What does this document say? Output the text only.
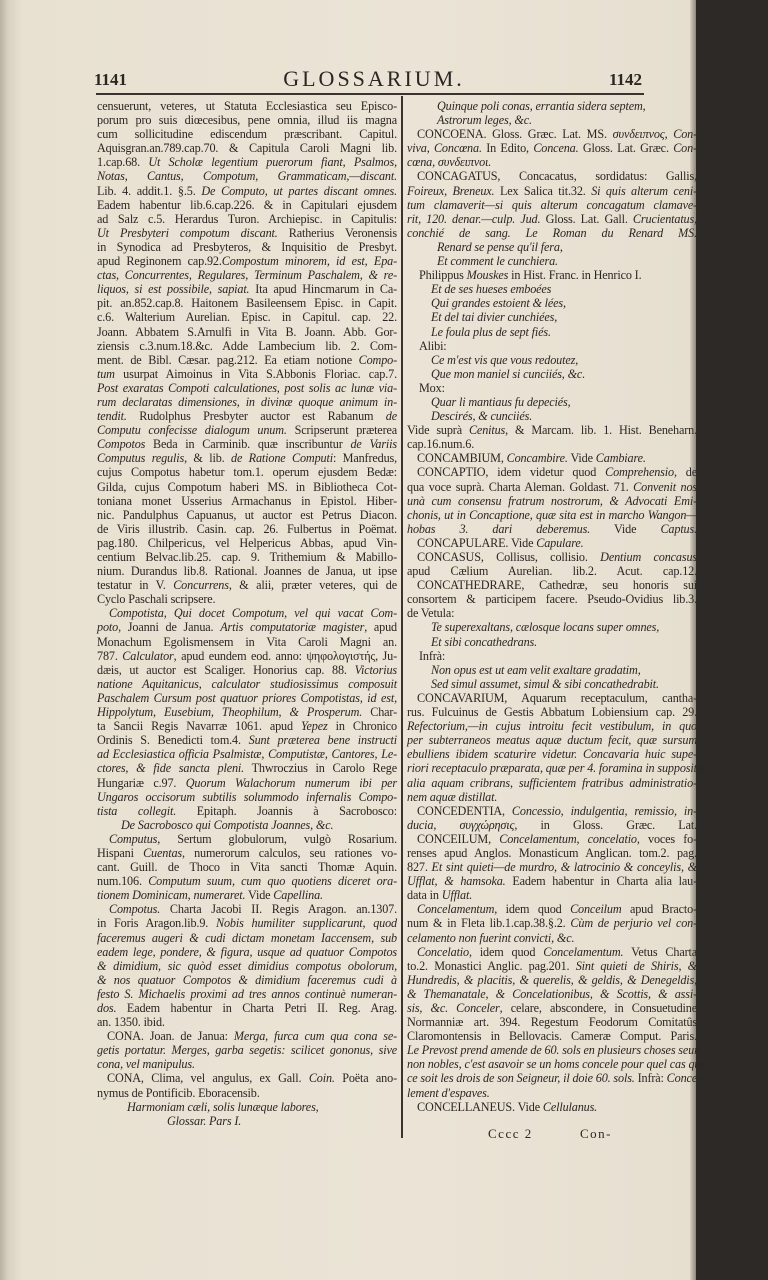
1141	GLOSSARIUM.	1142
censuerunt, veteres, ut Statuta Ecclesiastica seu Episco-
porum pro suis diœcesibus, pene omnia, illud iis magna
cum sollicitudine ediscendum præscribant. Capitul.
Aquisgran.an.789.cap.70. & Capitula Caroli Magni lib.
1.cap.68. Ut Scholæ legentium puerorum fiant, Psalmos,
Notas, Cantus, Compotum, Grammaticam,—discant.
Lib. 4. addit.1. §.5. De Computo, ut partes discant omnes.
Eadem habentur lib.6.cap.226. & in Capitulari ejusdem
ad Salz c.5. Herardus Turon. Archiepisc. in Capitulis:
Ut Presbyteri compotum discant. Ratherius Veronensis
in Synodica ad Presbyteros, & Inquisitio de Presbyt.
apud Reginonem cap.92.Compostum minorem, id est, Epa-
ctas, Concurrentes, Regulares, Terminum Paschalem, & re-
liquos, si est possibile, sapiat. Ita apud Hincmarum in Ca-
pit. an.852.cap.8. Haitonem Basileensem Episc. in Capit.
c.6. Walterium Aurelian. Episc. in Capitul. cap. 22.
Joann. Abbatem S.Arnulfi in Vita B. Joann. Abb. Gor-
ziensis c.3.num.18.&c. Adde Lambecium lib. 2. Com-
ment. de Bibl. Cæsar. pag.212. Ea etiam notione Compo-
tum usurpat Aimoinus in Vita S.Abbonis Floriac. cap.7.
Post exaratas Compoti calculationes, post solis ac lunæ via-
rum declaratas dimensiones, in divinæ quoque animum in-
tendit. Rudolphus Presbyter auctor est Rabanum de
Computu confecisse dialogum unum. Scripserunt præterea
Compotos Beda in Carminib. quæ inscribuntur de Variis
Computus regulis, & lib. de Ratione Computi: Manfredus,
cujus Compotus habetur tom.1. operum ejusdem Bedæ:
Gilda, cujus Compotum haberi MS. in Bibliotheca Cot-
toniana monet Usserius Armachanus in Epistol. Hiber-
nic. Pandulphus Capuanus, ut auctor est Petrus Diacon.
de Viris illustrib. Casin. cap. 26. Fulbertus in Poëmat.
pag.180. Chilpericus, vel Helpericus Abbas, apud Vin-
centium Belvac.lib.25. cap. 9. Trithemium & Mabillo-
nium. Durandus lib.8. Rational. Joannes de Janua, ut ipse
testatur in V. Concurrens, & alii, præter veteres, qui de
Cyclo Paschali scripsere.
Compotista, Qui docet Compotum, vel qui vacat Com-
poto, Joanni de Janua. Artis computatoriæ magister, apud
Monachum Egolismensem in Vita Caroli Magni an.
787. Calculator, apud eundem eod. anno: ψηφολογιστής, Ju-
dæis, ut auctor est Scaliger. Honorius cap. 88. Victorius
natione Aquitanicus, calculator studiosissimus composuit
Paschalem Cursum post quatuor priores Compotistas, id est,
Hippolytum, Eusebium, Theophilum, & Prosperum. Char-
ta Sancii Regis Navarræ 1061. apud Yepez in Chronico
Ordinis S. Benedicti tom.4. Sunt præterea bene instructi
ad Ecclesiastica officia Psalmistæ, Computistæ, Cantores, Le-
ctores, & fide sancta pleni. Thwroczius in Carolo Rege
Hungariæ c.97. Quorum Walachorum numerum ibi per
Ungaros occisorum subtilis solummodo infernalis Compo-
tista collegit. Epitaph. Joannis à Sacrobosco:
De Sacrobosco qui Compotista Joannes, &c.
Computus, Sertum globulorum, vulgò Rosarium.
Hispani Cuentas, numerorum calculos, seu rationes vo-
cant. Guill. de Thoco in Vita sancti Thomæ Aquin.
num.106. Computum suum, cum quo quotiens diceret ora-
tionem Dominicam, numeraret. Vide Capellina.
Compotus. Charta Jacobi II. Regis Aragon. an.1307.
in Foris Aragon.lib.9. Nobis humiliter supplicarunt, quod
faceremus augeri & cudi dictam monetam Iaccensem, sub
eadem lege, pondere, & figura, usque ad quatuor Compotos
& dimidium, sic quòd esset dimidius compotus obolorum,
& nos quatuor Compotos & dimidium faceremus cudi à
festo S. Michaelis proximi ad tres annos continuè numeran-
dos. Eadem habentur in Charta Petri II. Reg. Arag.
an. 1350. ibid.
CONA. Joan. de Janua: Merga, furca cum qua cona se-
getis portatur. Merges, garba segetis: scilicet gononus, sive
cona, vel manipulus.
CONA, Clima, vel angulus, ex Gall. Coin. Poëta ano-
nymus de Pontificib. Eboracensib.
Harmoniam cæli, solis lunæque labores,
Glossar. Pars I.
Quinque poli conas, errantia sidera septem,
Astrorum leges, &c.
CONCOENA. Gloss. Græc. Lat. MS. συνδειπνος, Con-
viva, Concœna. In Edito, Concena. Gloss. Lat. Græc. Con-
cœna, συνδειπνοι.
CONCAGATUS, Concacatus, sordidatus: Gallis,
Foireux, Breneux. Lex Salica tit.32. Si quis alterum ceni-
tum clamaverit—si quis alterum concagatum clamave-
rit, 120. denar.—culp. Jud. Gloss. Lat. Gall. Crucientatus,
conchié de sang. Le Roman du Renard MS.
Renard se pense qu'il fera,
Et comment le cunchiera.
Philippus Mouskes in Hist. Franc. in Henrico I.
Et de ses hueses emboées
Qui grandes estoient & lées,
Et del tai divier cunchiées,
Le foula plus de sept fiés.
Alibi:
Ce m'est vis que vous redoutez,
Que mon maniel si cunciiés, &c.
Mox:
Quar li mantiaus fu depeciés,
Descirés, & cunciiés.
Vide suprà Cenitus, & Marcam. lib. 1. Hist. Beneharn.
cap.16.num.6.
CONCAMBIUM, Concambire. Vide Cambiare.
CONCAPTIO, idem videtur quod Comprehensio, de
qua voce suprà. Charta Aleman. Goldast. 71. Convenit nos
unà cum consensu fratrum nostrorum, & Advocati Emi-
chonis, ut in Concaptione, quæ sita est in marcho Wangon—
hobas 3. dari deberemus. Vide Captus.
CONCAPULARE. Vide Capulare.
CONCASUS, Collisus, collisio. Dentium concasus
apud Cælium Aurelian. lib.2. Acut. cap.12.
CONCATHEDRARE, Cathedræ, seu honoris sui
consortem & participem facere. Pseudo-Ovidius lib.3.
de Vetula:
Te superexaltans, cælosque locans super omnes,
Et sibi concathedrans.
Infrà:
Non opus est ut eam velit exaltare gradatim,
Sed simul assumet, simul & sibi concathedrabit.
CONCAVARIUM, Aquarum receptaculum, cantha-
rus. Fulcuinus de Gestis Abbatum Lobiensium cap. 29.
Refectorium,—in cujus introitu fecit vestibulum, in quo
per subterraneos meatus aquæ ductum fecit, quæ sursum
ebulliens ibidem scaturire videtur. Concavaria huic supe-
riori receptaculo præparata, quæ per 4. foramina in supposita
alia aquam cribrans, sufficientem fratribus administratio-
nem aquæ distillat.
CONCEDENTIA, Concessio, indulgentia, remissio, in-
ducia, συγχώρησις, in Gloss. Græc. Lat.
CONCEILUM, Concelamentum, concelatio, voces fo-
renses apud Anglos. Monasticum Anglican. tom.2. pag.
827. Et sint quieti—de murdro, & latrocinio & conceylis, &
Ufflat, & hamsoka. Eadem habentur in Charta alia lau-
data in Ufflat.
Concelamentum, idem quod Conceilum apud Bracto-
num & in Fleta lib.1.cap.38.§.2. Cùm de perjurio vel con-
celamento non fuerint convicti, &c.
Concelatio, idem quod Concelamentum. Vetus Charta
to.2. Monastici Anglic. pag.201. Sint quieti de Shiris, &
Hundredis, & placitis, & querelis, & geldis, & Denegeldis,
& Themanatale, & Concelationibus, & Scottis, & assi-
sis, &c. Conceler, celare, abscondere, in Consuetudine
Normanniæ art. 394. Regestum Feodorum Comitatûs
Claromontensis in Bellovacis. Cameræ Comput. Paris.
Le Prevost prend amende de 60. sols en plusieurs choses seur
non nobles, c'est asavoir se un homs concele pour quel cas que
ce soit les drois de son Seigneur, il doie 60. sols. Infrà: Conce-
lement d'espaves.
CONCELLANEUS. Vide Cellulanus.
Cccc 2	Con-
